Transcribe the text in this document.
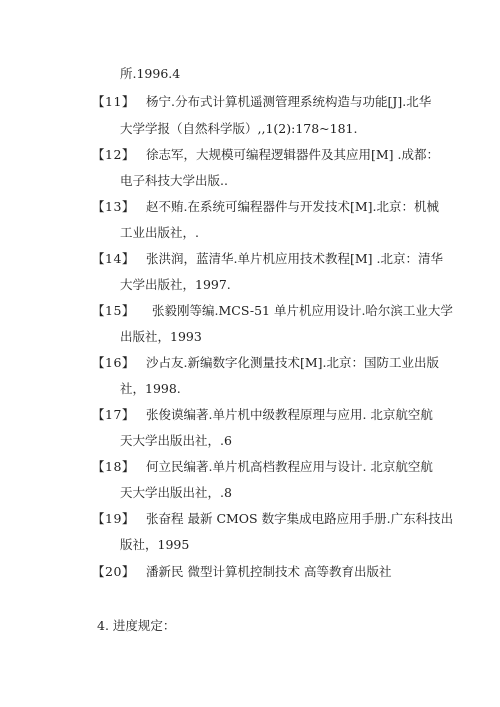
所.1996.4
【11】 杨宁.分布式计算机遥测管理系统构造与功能[J].北华
大学学报（自然科学版）,,1(2):178~181.
【12】 徐志军，大规模可编程逻辑器件及其应用[M] .成都：
电子科技大学出版..
【13】 赵不贿.在系统可编程器件与开发技术[M].北京：机械
工业出版社，.
【14】 张洪润，蓝清华.单片机应用技术教程[M] .北京：清华
大学出版社，1997.
【15】 张毅刚等编.MCS-51 单片机应用设计.哈尔滨工业大学
出版社，1993
【16】 沙占友.新编数字化测量技术[M].北京：国防工业出版
社，1998.
【17】 张俊谟编著.单片机中级教程原理与应用. 北京航空航
天大学出版出社，.6
【18】 何立民编著.单片机高档教程应用与设计. 北京航空航
天大学出版出社，.8
【19】 张奋程 最新 CMOS 数字集成电路应用手册.广东科技出
版社，1995
【20】 潘新民 微型计算机控制技术 高等教育出版社
4. 进度规定：
